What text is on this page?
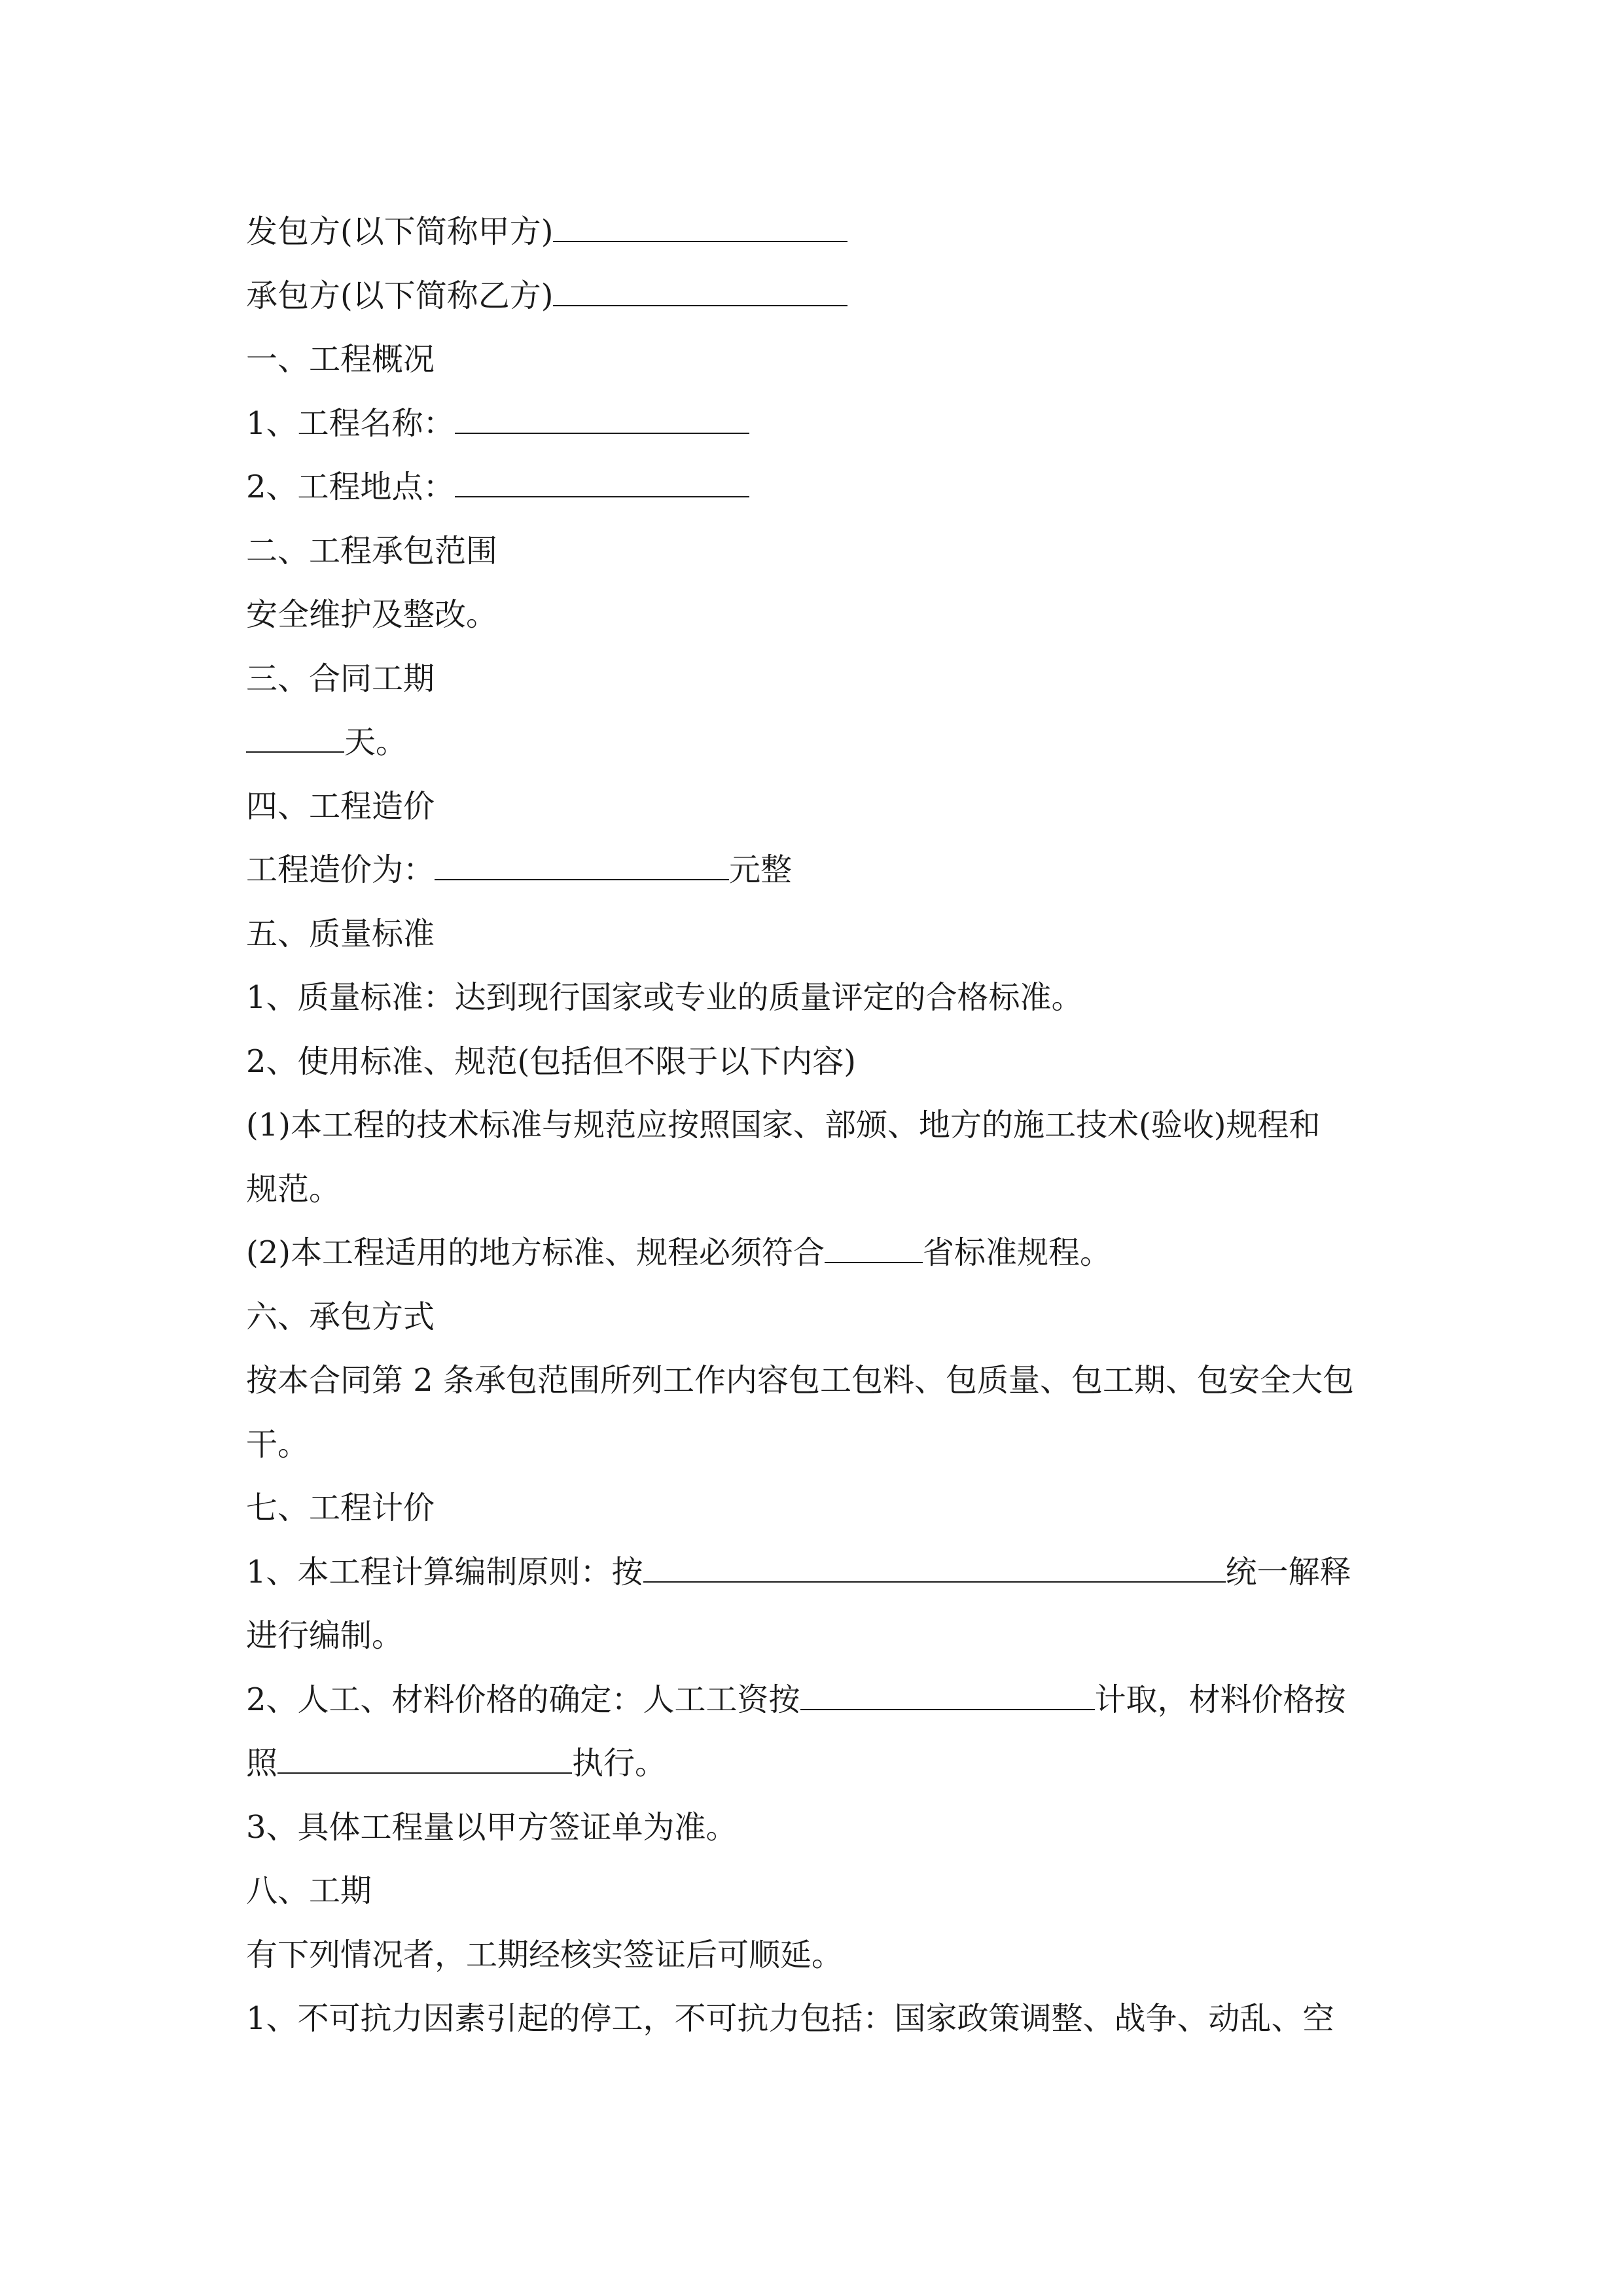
发包方(以下简称甲方)
承包方(以下简称乙方)
一、工程概况
1、工程名称：
2、工程地点：
二、工程承包范围
安全维护及整改。
三、合同工期
天。
四、工程造价
工程造价为：	元整
五、质量标准
1、质量标准：达到现行国家或专业的质量评定的合格标准。
2、使用标准、规范(包括但不限于以下内容)
(1)本工程的技术标准与规范应按照国家、部颁、地方的施工技术(验收)规程和
规范。
(2)本工程适用的地方标准、规程必须符合	省标准规程。
六、承包方式
按本合同第 2 条承包范围所列工作内容包工包料、包质量、包工期、包安全大包
干。
七、工程计价
1、本工程计算编制原则：按	统一解释
进行编制。
2、人工、材料价格的确定：人工工资按	计取，材料价格按
照	执行。
3、具体工程量以甲方签证单为准。
八、工期
有下列情况者，工期经核实签证后可顺延。
1、不可抗力因素引起的停工，不可抗力包括：国家政策调整、战争、动乱、空
